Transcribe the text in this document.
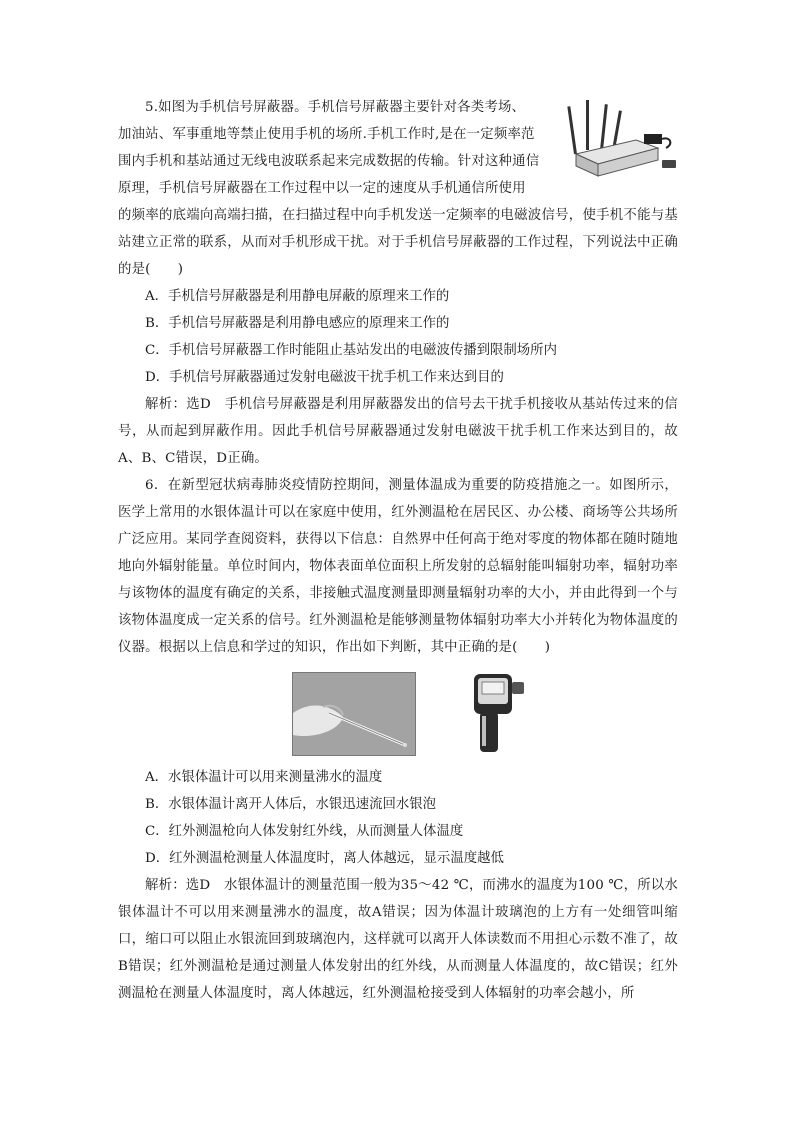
5.如图为手机信号屏蔽器。手机信号屏蔽器主要针对各类考场、
加油站、军事重地等禁止使用手机的场所.手机工作时,是在一定频率范
围内手机和基站通过无线电波联系起来完成数据的传输。针对这种通信
原理，手机信号屏蔽器在工作过程中以一定的速度从手机通信所使用
的频率的底端向高端扫描，在扫描过程中向手机发送一定频率的电磁波信号，使手机不能与基站建立正常的联系，从而对手机形成干扰。对于手机信号屏蔽器的工作过程，下列说法中正确的是(　　)
A．手机信号屏蔽器是利用静电屏蔽的原理来工作的
B．手机信号屏蔽器是利用静电感应的原理来工作的
C．手机信号屏蔽器工作时能阻止基站发出的电磁波传播到限制场所内
D．手机信号屏蔽器通过发射电磁波干扰手机工作来达到目的
解析：选D　手机信号屏蔽器是利用屏蔽器发出的信号去干扰手机接收从基站传过来的信号，从而起到屏蔽作用。因此手机信号屏蔽器通过发射电磁波干扰手机工作来达到目的，故A、B、C错误，D正确。
6．在新型冠状病毒肺炎疫情防控期间，测量体温成为重要的防疫措施之一。如图所示，医学上常用的水银体温计可以在家庭中使用，红外测温枪在居民区、办公楼、商场等公共场所广泛应用。某同学查阅资料，获得以下信息：自然界中任何高于绝对零度的物体都在随时随地地向外辐射能量。单位时间内，物体表面单位面积上所发射的总辐射能叫辐射功率，辐射功率与该物体的温度有确定的关系，非接触式温度测量即测量辐射功率的大小，并由此得到一个与该物体温度成一定关系的信号。红外测温枪是能够测量物体辐射功率大小并转化为物体温度的仪器。根据以上信息和学过的知识，作出如下判断，其中正确的是(　　)
A．水银体温计可以用来测量沸水的温度
B．水银体温计离开人体后，水银迅速流回水银泡
C．红外测温枪向人体发射红外线，从而测量人体温度
D．红外测温枪测量人体温度时，离人体越远，显示温度越低
解析：选D　水银体温计的测量范围一般为35～42 ℃，而沸水的温度为100 ℃，所以水银体温计不可以用来测量沸水的温度，故A错误；因为体温计玻璃泡的上方有一处细管叫缩口，缩口可以阻止水银流回到玻璃泡内，这样就可以离开人体读数而不用担心示数不准了，故B错误；红外测温枪是通过测量人体发射出的红外线，从而测量人体温度的，故C错误；红外测温枪在测量人体温度时，离人体越远，红外测温枪接受到人体辐射的功率会越小，所
